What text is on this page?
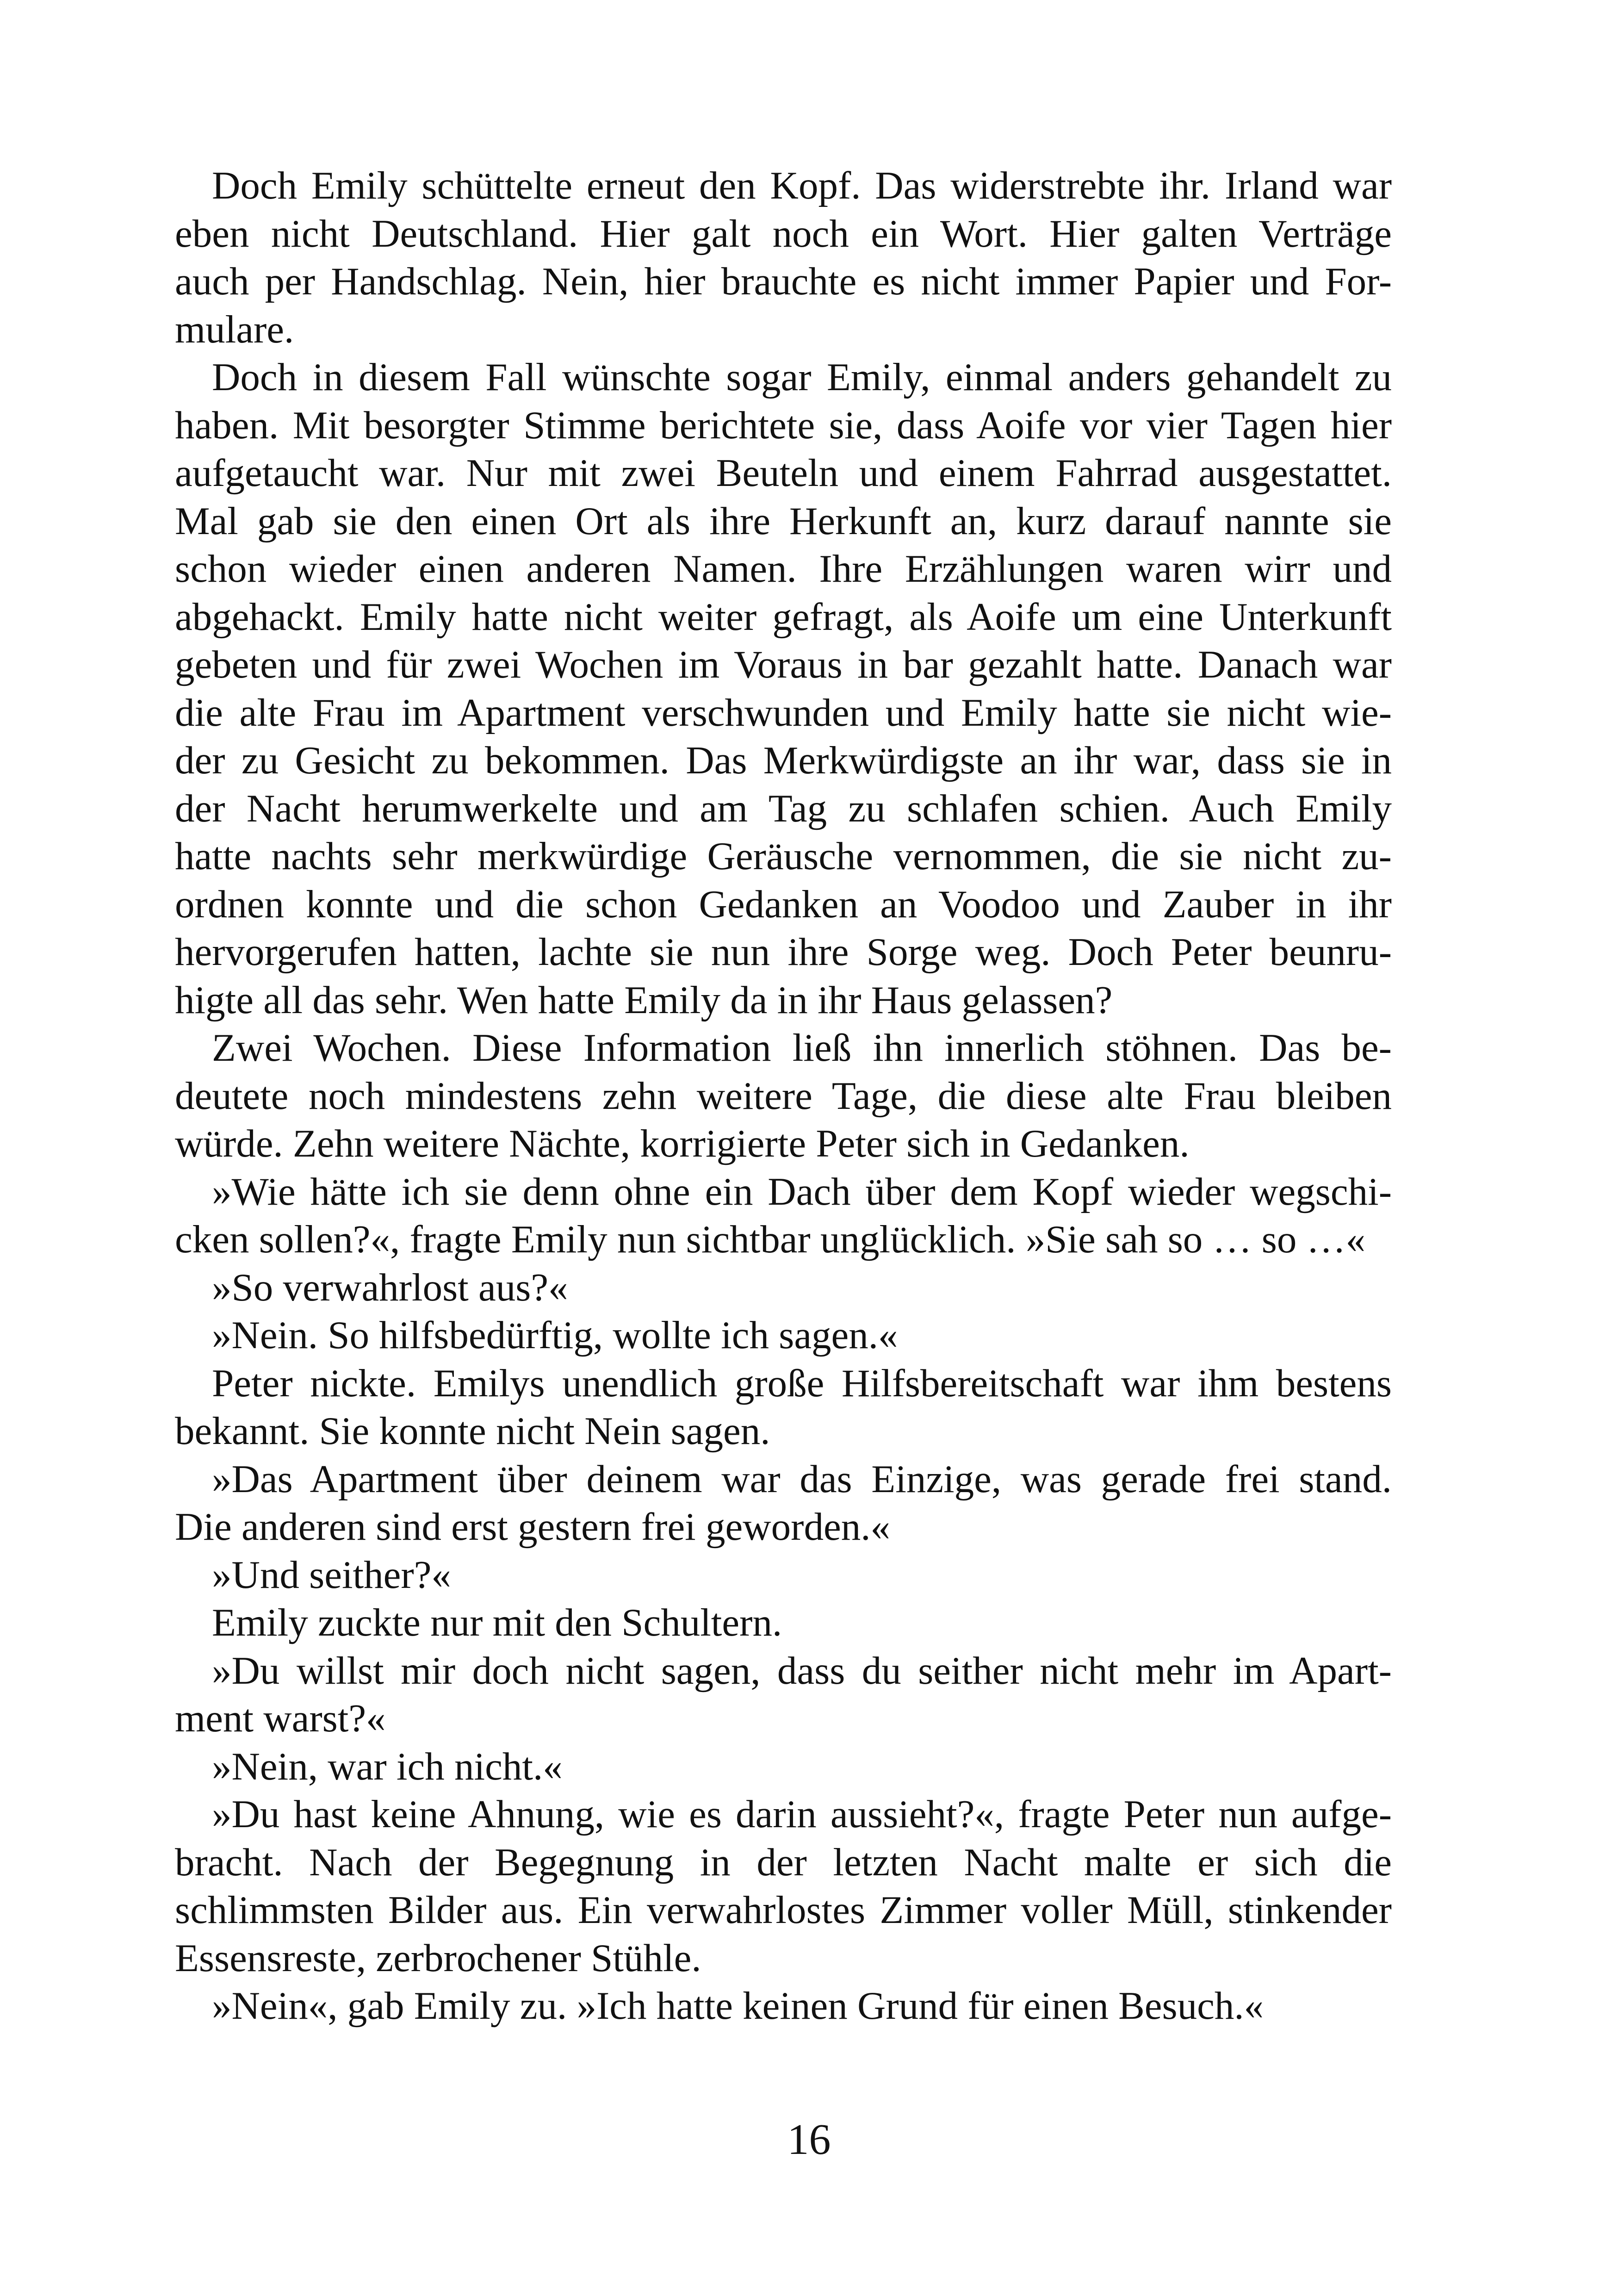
Doch Emily schüttelte erneut den Kopf. Das widerstrebte ihr. Irland war
eben nicht Deutschland. Hier galt noch ein Wort. Hier galten Verträge
auch per Handschlag. Nein, hier brauchte es nicht immer Papier und For-
mulare.
Doch in diesem Fall wünschte sogar Emily, einmal anders gehandelt zu
haben. Mit besorgter Stimme berichtete sie, dass Aoife vor vier Tagen hier
aufgetaucht war. Nur mit zwei Beuteln und einem Fahrrad ausgestattet.
Mal gab sie den einen Ort als ihre Herkunft an, kurz darauf nannte sie
schon wieder einen anderen Namen. Ihre Erzählungen waren wirr und
abgehackt. Emily hatte nicht weiter gefragt, als Aoife um eine Unterkunft
gebeten und für zwei Wochen im Voraus in bar gezahlt hatte. Danach war
die alte Frau im Apartment verschwunden und Emily hatte sie nicht wie-
der zu Gesicht zu bekommen. Das Merkwürdigste an ihr war, dass sie in
der Nacht herumwerkelte und am Tag zu schlafen schien. Auch Emily
hatte nachts sehr merkwürdige Geräusche vernommen, die sie nicht zu-
ordnen konnte und die schon Gedanken an Voodoo und Zauber in ihr
hervorgerufen hatten, lachte sie nun ihre Sorge weg. Doch Peter beunru-
higte all das sehr. Wen hatte Emily da in ihr Haus gelassen?
Zwei Wochen. Diese Information ließ ihn innerlich stöhnen. Das be-
deutete noch mindestens zehn weitere Tage, die diese alte Frau bleiben
würde. Zehn weitere Nächte, korrigierte Peter sich in Gedanken.
»Wie hätte ich sie denn ohne ein Dach über dem Kopf wieder wegschi-
cken sollen?«, fragte Emily nun sichtbar unglücklich. »Sie sah so … so …«
»So verwahrlost aus?«
»Nein. So hilfsbedürftig, wollte ich sagen.«
Peter nickte. Emilys unendlich große Hilfsbereitschaft war ihm bestens
bekannt. Sie konnte nicht Nein sagen.
»Das Apartment über deinem war das Einzige, was gerade frei stand.
Die anderen sind erst gestern frei geworden.«
»Und seither?«
Emily zuckte nur mit den Schultern.
»Du willst mir doch nicht sagen, dass du seither nicht mehr im Apart-
ment warst?«
»Nein, war ich nicht.«
»Du hast keine Ahnung, wie es darin aussieht?«, fragte Peter nun aufge-
bracht. Nach der Begegnung in der letzten Nacht malte er sich die
schlimmsten Bilder aus. Ein verwahrlostes Zimmer voller Müll, stinkender
Essensreste, zerbrochener Stühle.
»Nein«, gab Emily zu. »Ich hatte keinen Grund für einen Besuch.«
16
